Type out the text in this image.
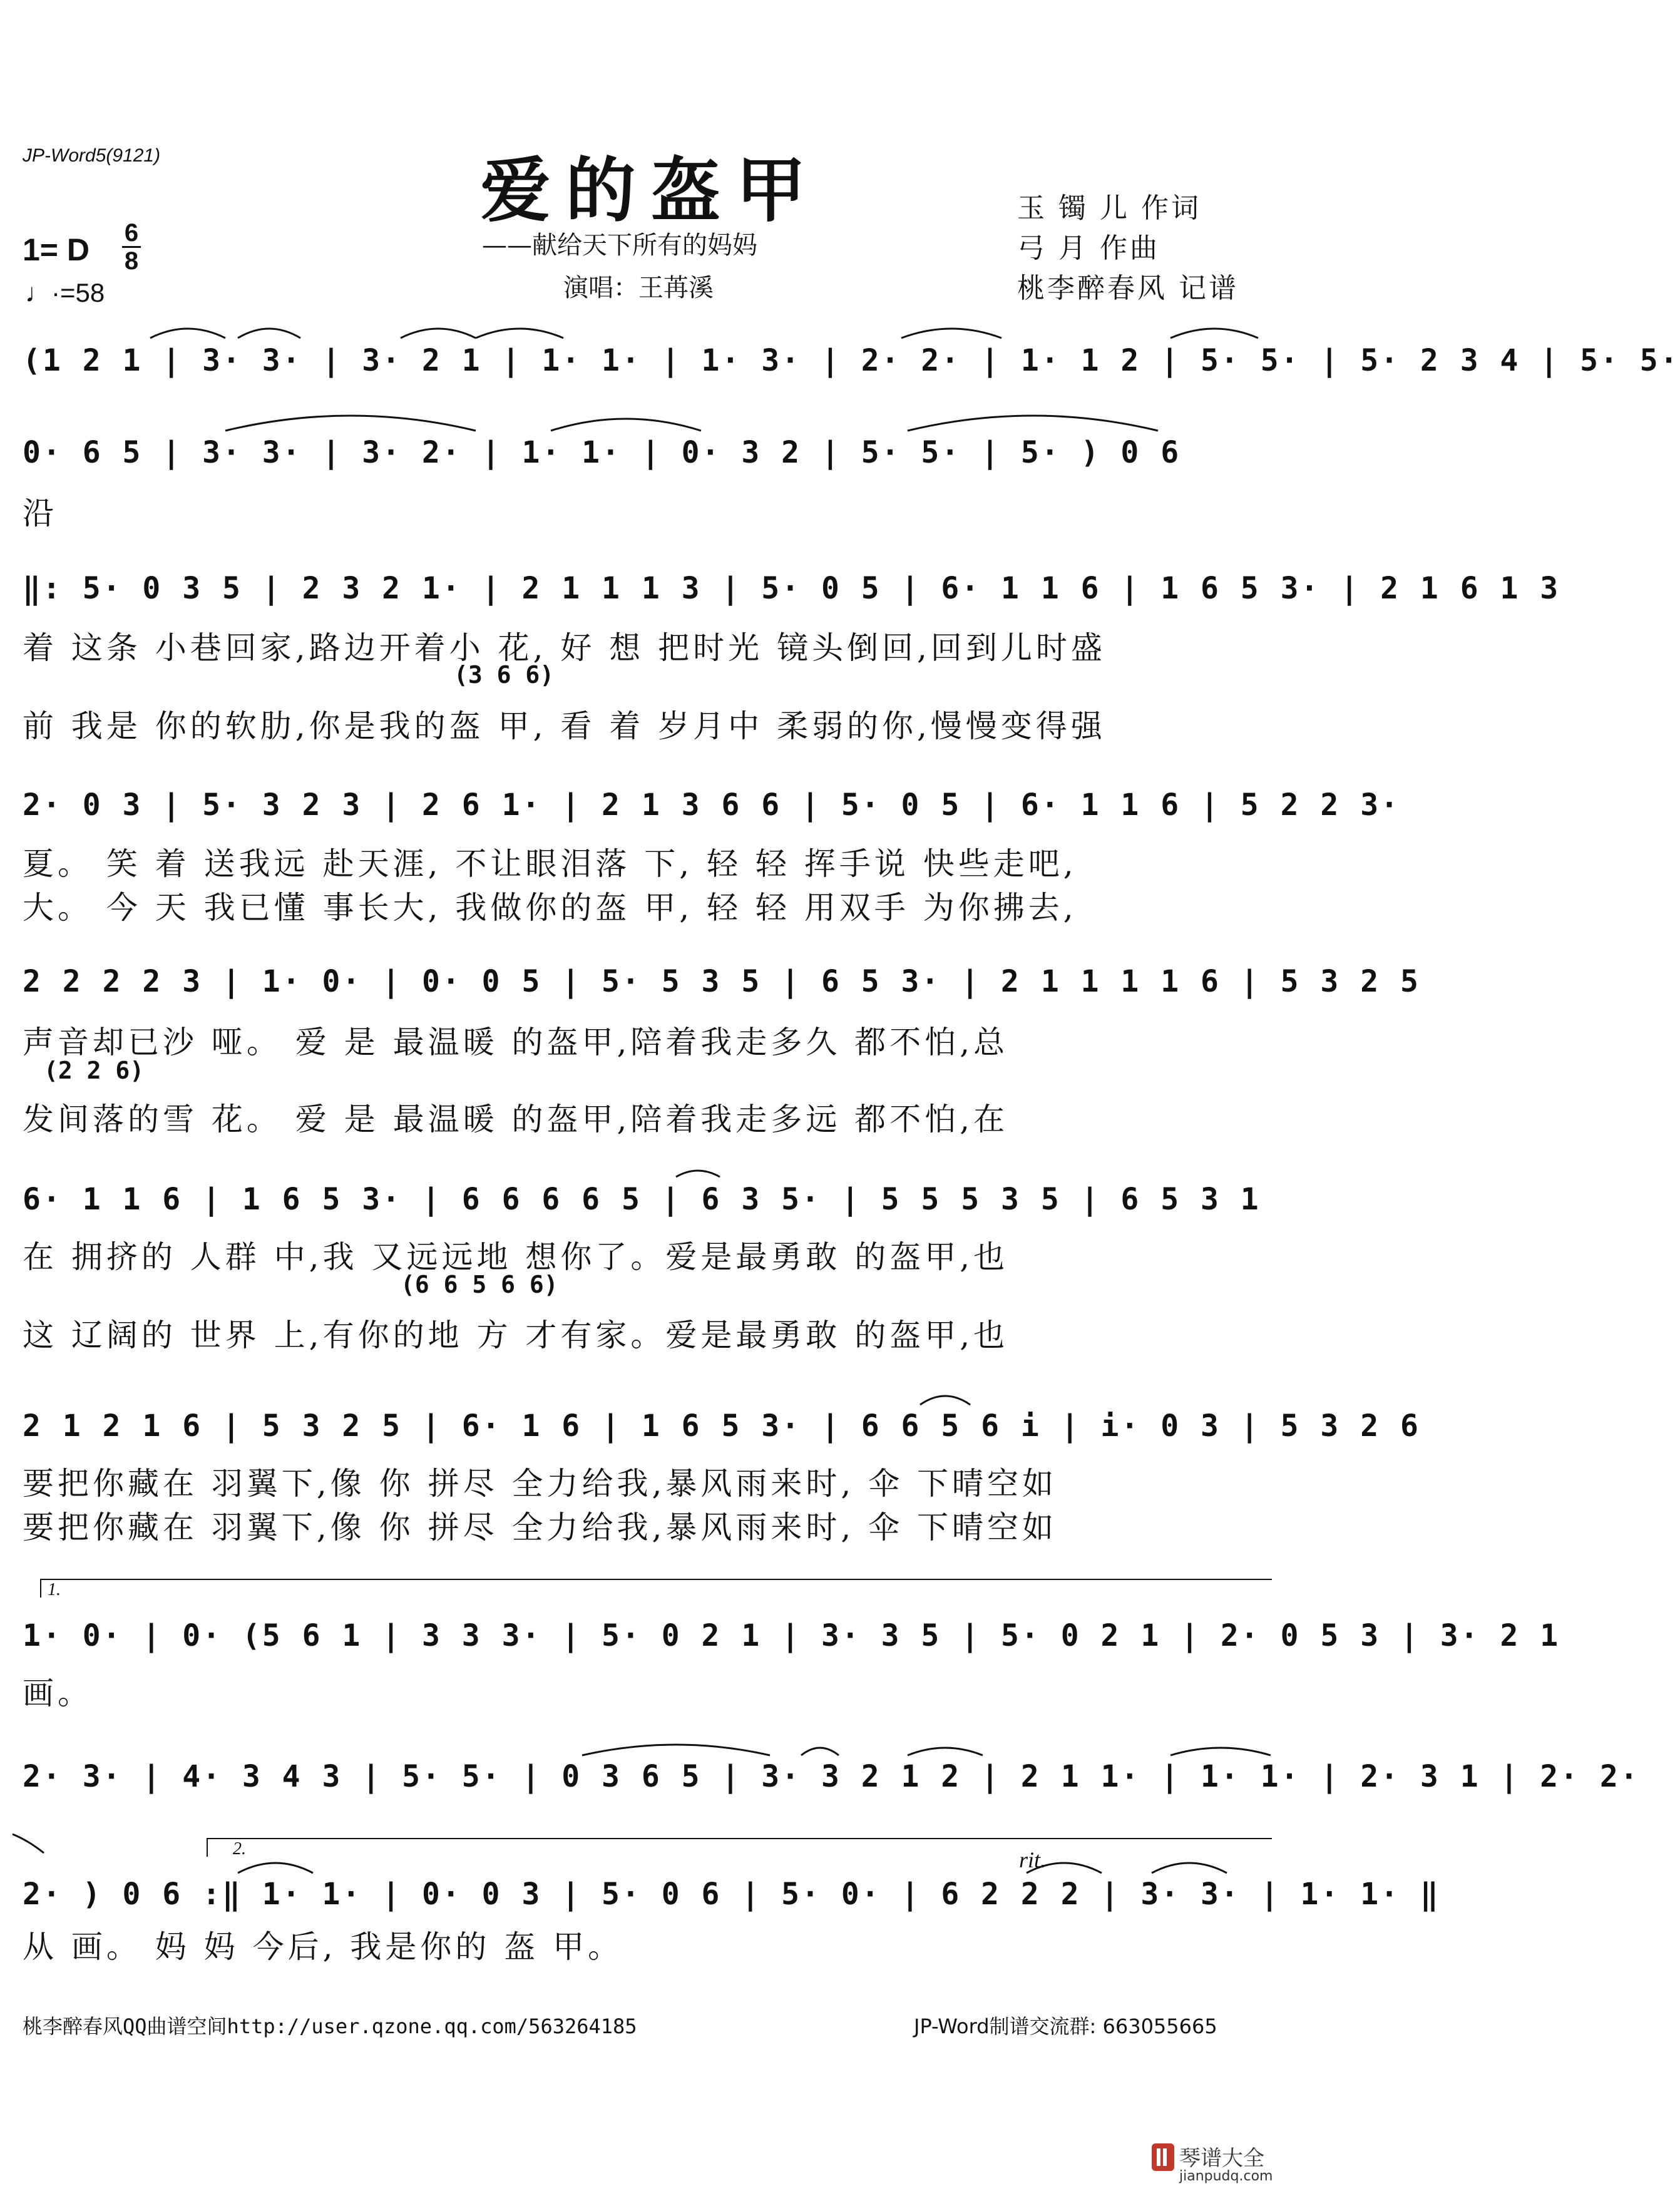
JP-Word5(9121)	爱的盔甲
——献给天下所有的妈妈
演唱：王苒溪
玉 镯 儿 作词
弓 月 作曲
桃李醉春风 记谱
1= D 6
8
♩·=58
(1 2 1 | 3· 3· | 3· 2 1 | 1· 1· | 1· 3· | 2· 2· | 1· 1 2 | 5· 5· | 5· 2 3 4 | 5· 5·
0· 6 5 | 3· 3· | 3· 2· | 1· 1· | 0· 3 2 | 5· 5· | 5· ) 0 6
沿
‖: 5· 0 3 5 | 2 3 2 1· | 2 1 1 1 3 | 5· 0 5 | 6· 1 1 6 | 1 6 5 3· | 2 1 6 1 3
着 这条 小巷回家,路边开着小 花, 好 想 把时光 镜头倒回,回到儿时盛
(3 6 6)
前 我是 你的软肋,你是我的盔 甲, 看 着 岁月中 柔弱的你,慢慢变得强
2· 0 3 | 5· 3 2 3 | 2 6 1· | 2 1 3 6 6 | 5· 0 5 | 6· 1 1 6 | 5 2 2 3·
夏。 笑 着 送我远 赴天涯, 不让眼泪落 下, 轻 轻 挥手说 快些走吧,
大。 今 天 我已懂 事长大, 我做你的盔 甲, 轻 轻 用双手 为你拂去,
2 2 2 2 3 | 1· 0· | 0· 0 5 | 5· 5 3 5 | 6 5 3· | 2 1 1 1 1 6 | 5 3 2 5
声音却已沙 哑。 爱 是 最温暖 的盔甲,陪着我走多久 都不怕,总
(2 2 6)
发间落的雪 花。 爱 是 最温暖 的盔甲,陪着我走多远 都不怕,在
6· 1 1 6 | 1 6 5 3· | 6 6 6 6 5 | 6 3 5· | 5 5 5 3 5 | 6 5 3 1
在 拥挤的 人群 中,我 又远远地 想你了。爱是最勇敢 的盔甲,也
(6 6 5 6 6)
这 辽阔的 世界 上,有你的地 方 才有家。爱是最勇敢 的盔甲,也
2 1 2 1 6 | 5 3 2 5 | 6· 1 6 | 1 6 5 3· | 6 6 5 6 i | i· 0 3 | 5 3 2 6
要把你藏在 羽翼下,像 你 拼尽 全力给我,暴风雨来时, 伞 下晴空如
要把你藏在 羽翼下,像 你 拼尽 全力给我,暴风雨来时, 伞 下晴空如
1.
1· 0· | 0· (5 6 1 | 3 3 3· | 5· 0 2 1 | 3· 3 5 | 5· 0 2 1 | 2· 0 5 3 | 3· 2 1
画。
2· 3· | 4· 3 4 3 | 5· 5· | 0 3 6 5 | 3· 3 2 1 2 | 2 1 1· | 1· 1· | 2· 3 1 | 2· 2·
2.	rit.
2· ) 0 6 :‖ 1· 1· | 0· 0 3 | 5· 0 6 | 5· 0· | 6 2 2 2 | 3· 3· | 1· 1· ‖
从 画。 妈 妈 今后, 我是你的 盔 甲。
桃李醉春风QQ曲谱空间http://user.qzone.qq.com/563264185	JP-Word制谱交流群: 663055665
琴谱大全
jianpudq.com
